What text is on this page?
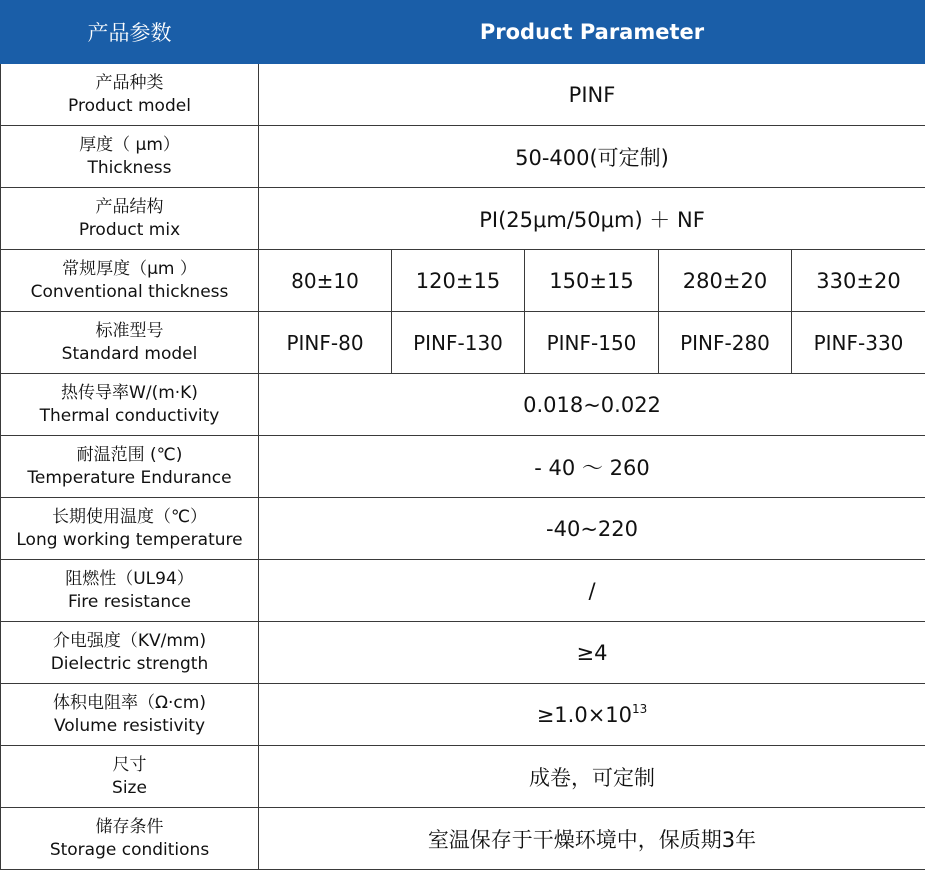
产品参数	Product Parameter				

产品种类
Product model	PINF				

厚度（ μm）
Thickness	50-400(可定制)				

产品结构
Product mix	PI(25μm/50μm) ＋ NF				

常规厚度（μm ）
Conventional thickness	80±10	120±15	150±15	280±20	330±20

标准型号
Standard model	PINF-80	PINF-130	PINF-150	PINF-280	PINF-330

热传导率W/(m·K)
Thermal conductivity	0.018~0.022				

耐温范围 (℃)
Temperature Endurance	- 40 ～ 260				

长期使用温度（℃）
Long working temperature	-40~220				

阻燃性（UL94）
Fire resistance	/				

介电强度（KV/mm)
Dielectric strength	≥4				

体积电阻率（Ω·cm)
Volume resistivity	$\ge 1.0\times 10^{13}$

尺寸
Size	成卷，可定制				

储存条件
Storage conditions	室温保存于干燥环境中，保质期3年				
